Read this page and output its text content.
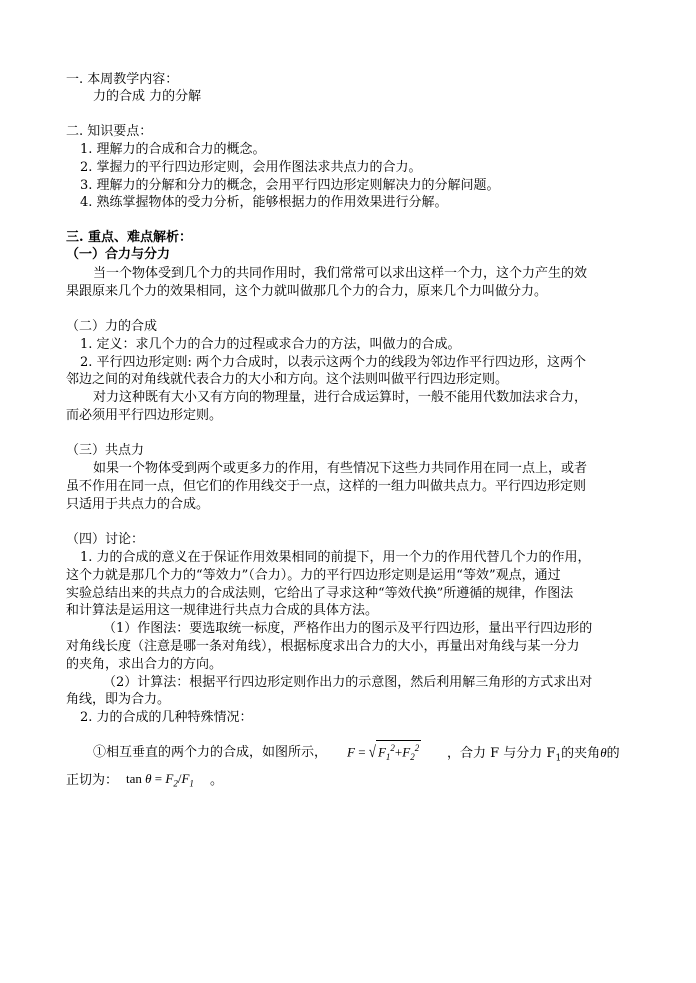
一. 本周教学内容：
力的合成 力的分解
二. 知识要点：
1. 理解力的合成和合力的概念。
2. 掌握力的平行四边形定则，会用作图法求共点力的合力。
3. 理解力的分解和分力的概念，会用平行四边形定则解决力的分解问题。
4. 熟练掌握物体的受力分析，能够根据力的作用效果进行分解。
三. 重点、难点解析：
（一）合力与分力
当一个物体受到几个力的共同作用时，我们常常可以求出这样一个力，这个力产生的效
果跟原来几个力的效果相同，这个力就叫做那几个力的合力，原来几个力叫做分力。
（二）力的合成
1. 定义：求几个力的合力的过程或求合力的方法，叫做力的合成。
2. 平行四边形定则: 两个力合成时，以表示这两个力的线段为邻边作平行四边形，这两个
邻边之间的对角线就代表合力的大小和方向。这个法则叫做平行四边形定则。
对力这种既有大小又有方向的物理量，进行合成运算时，一般不能用代数加法求合力，
而必须用平行四边形定则。
（三）共点力
如果一个物体受到两个或更多力的作用，有些情况下这些力共同作用在同一点上，或者
虽不作用在同一点，但它们的作用线交于一点，这样的一组力叫做共点力。平行四边形定则
只适用于共点力的合成。
（四）讨论：
1. 力的合成的意义在于保证作用效果相同的前提下，用一个力的作用代替几个力的作用，
这个力就是那几个力的“等效力”（合力）。力的平行四边形定则是运用“等效”观点，通过
实验总结出来的共点力的合成法则，它给出了寻求这种“等效代换”所遵循的规律，作图法
和计算法是运用这一规律进行共点力合成的具体方法。
（1）作图法：要选取统一标度，严格作出力的图示及平行四边形，量出平行四边形的
对角线长度（注意是哪一条对角线），根据标度求出合力的大小，再量出对角线与某一分力
的夹角，求出合力的方向。
（2）计算法：根据平行四边形定则作出力的示意图，然后利用解三角形的方式求出对
角线，即为合力。
2. 力的合成的几种特殊情况：
①相互垂直的两个力的合成，如图所示， F = √ $F_1^2+F_2^2$ ，合力 F 与分力 $F_1$的夹角θ的
正切为： $\tan \theta = F_2/F_1$ 。
